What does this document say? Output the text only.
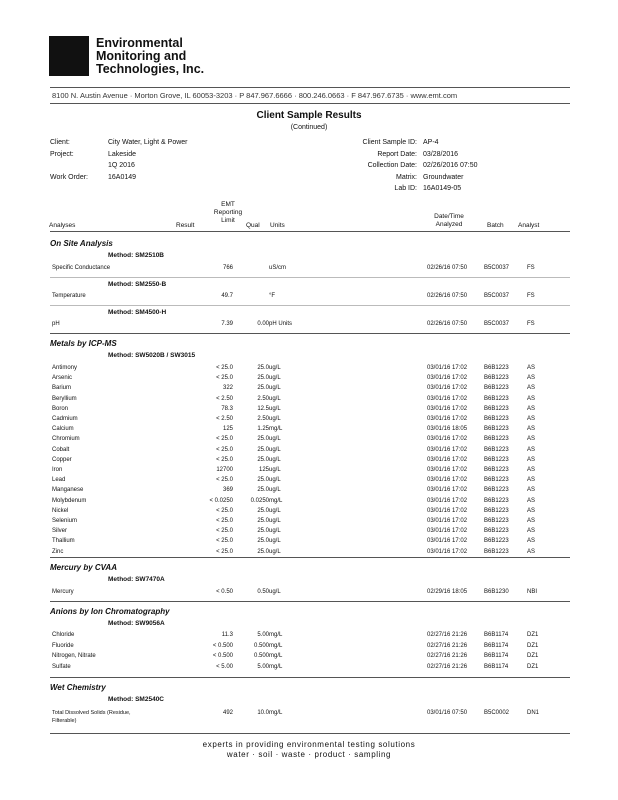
Environmental
Monitoring and
Technologies, Inc.
8100 N. Austin Avenue · Morton Grove, IL 60053-3203 · P 847.967.6666 · 800.246.0663 · F 847.967.6735 · www.emt.com
Client Sample Results
(Continued)
Client:	City Water, Light & Power
Project:	Lakeside
1Q 2016
Work Order:	16A0149
Client Sample ID: AP-4
Report Date: 03/28/2016
Collection Date: 02/26/2016 07:50
Matrix: Groundwater
Lab ID: 16A0149-05
Analyses	Result
EMT
Reporting
Limit
Qual Units
Date/Time
Analyzed	Batch Analyst
On Site Analysis
Method: SM2510B
Specific Conductance	766	uS/cm	02/26/16 07:50	B5C0037	FS
Method: SM2550-B
Temperature	49.7	°F	02/26/16 07:50	B5C0037	FS
Method: SM4500-H
pH	7.39	0.00 pH Units	02/26/16 07:50	B5C0037	FS
Metals by ICP-MS
Method: SW5020B / SW3015
Antimony	< 25.0	25.0 ug/L	03/01/16 17:02	B6B1223	AS
Arsenic	< 25.0	25.0 ug/L	03/01/16 17:02	B6B1223	AS
Barium	322	25.0 ug/L	03/01/16 17:02	B6B1223	AS
Beryllium	< 2.50	2.50 ug/L	03/01/16 17:02	B6B1223	AS
Boron	78.3	12.5 ug/L	03/01/16 17:02	B6B1223	AS
Cadmium	< 2.50	2.50 ug/L	03/01/16 17:02	B6B1223	AS
Calcium	125	1.25 mg/L	03/01/16 18:05	B6B1223	AS
Chromium	< 25.0	25.0 ug/L	03/01/16 17:02	B6B1223	AS
Cobalt	< 25.0	25.0 ug/L	03/01/16 17:02	B6B1223	AS
Copper	< 25.0	25.0 ug/L	03/01/16 17:02	B6B1223	AS
Iron	12700	125 ug/L	03/01/16 17:02	B6B1223	AS
Lead	< 25.0	25.0 ug/L	03/01/16 17:02	B6B1223	AS
Manganese	369	25.0 ug/L	03/01/16 17:02	B6B1223	AS
Molybdenum	< 0.0250	0.0250 mg/L	03/01/16 17:02	B6B1223	AS
Nickel	< 25.0	25.0 ug/L	03/01/16 17:02	B6B1223	AS
Selenium	< 25.0	25.0 ug/L	03/01/16 17:02	B6B1223	AS
Silver	< 25.0	25.0 ug/L	03/01/16 17:02	B6B1223	AS
Thallium	< 25.0	25.0 ug/L	03/01/16 17:02	B6B1223	AS
Zinc	< 25.0	25.0 ug/L	03/01/16 17:02	B6B1223	AS
Mercury by CVAA
Method: SW7470A
Mercury	< 0.50	0.50 ug/L	02/29/16 18:05	B6B1230	NBI
Anions by Ion Chromatography
Method: SW9056A
Chloride	11.3	5.00 mg/L	02/27/16 21:26	B6B1174	DZ1
Fluoride	< 0.500	0.500 mg/L	02/27/16 21:26	B6B1174	DZ1
Nitrogen, Nitrate	< 0.500	0.500 mg/L	02/27/16 21:26	B6B1174	DZ1
Sulfate	< 5.00	5.00 mg/L	02/27/16 21:26	B6B1174	DZ1
Wet Chemistry
Method: SM2540C
Total Dissolved Solids (Residue,
Filterable)
492	10.0 mg/L	03/01/16 07:50	B5C0002	DN1
experts in providing environmental testing solutions
water · soil · waste · product · sampling
